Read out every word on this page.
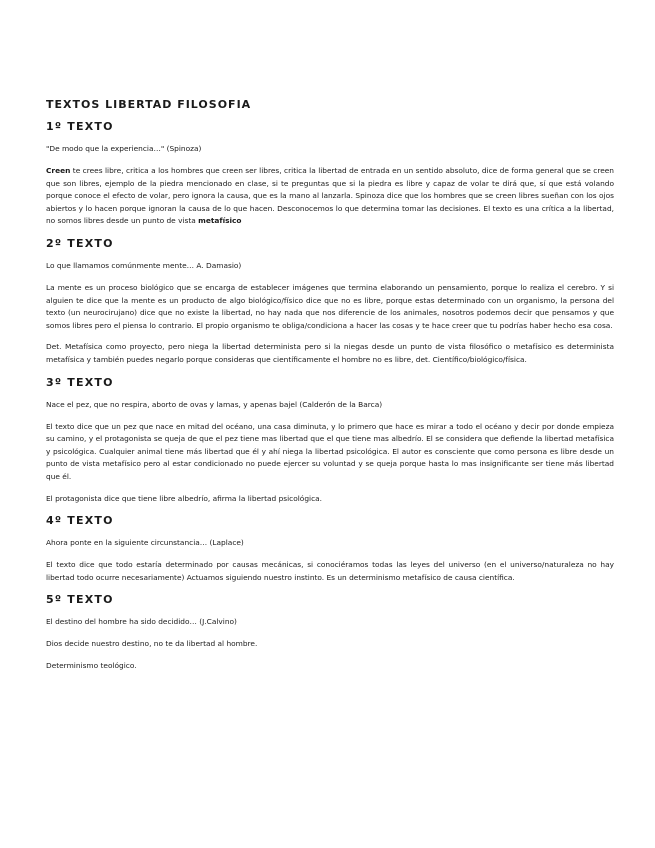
TEXTOS LIBERTAD FILOSOFIA
1º TEXTO
"De modo que la experiencia…" (Spinoza)
Creen te crees libre, critica a los hombres que creen ser libres, critica la libertad de entrada en un sentido absoluto, dice de forma general que se creen que son libres, ejemplo de la piedra mencionado en clase, si te preguntas que si la piedra es libre y capaz de volar te dirá que, sí que está volando porque conoce el efecto de volar, pero ignora la causa, que es la mano al lanzarla. Spinoza dice que los hombres que se creen libres sueñan con los ojos abiertos y lo hacen porque ignoran la causa de lo que hacen. Desconocemos lo que determina tomar las decisiones. El texto es una crítica a la libertad, no somos libres desde un punto de vista metafísico
2º TEXTO
Lo que llamamos comúnmente mente… A. Damasio)
La mente es un proceso biológico que se encarga de establecer imágenes que termina elaborando un pensamiento, porque lo realiza el cerebro. Y si alguien te dice que la mente es un producto de algo biológico/físico dice que no es libre, porque estas determinado con un organismo, la persona del texto (un neurocirujano) dice que no existe la libertad, no hay nada que nos diferencie de los animales, nosotros podemos decir que pensamos y que somos libres pero el piensa lo contrario. El propio organismo te obliga/condiciona a hacer las cosas y te hace creer que tu podrías haber hecho esa cosa.
Det. Metafísica como proyecto, pero niega la libertad determinista pero si la niegas desde un punto de vista filosófico o metafísico es determinista metafísica y también puedes negarlo porque consideras que científicamente el hombre no es libre, det. Científico/biológico/física.
3º TEXTO
Nace el pez, que no respira, aborto de ovas y lamas, y apenas bajel (Calderón de la Barca)
El texto dice que un pez que nace en mitad del océano, una casa diminuta, y lo primero que hace es mirar a todo el océano y decir por donde empieza su camino, y el protagonista se queja de que el pez tiene mas libertad que el que tiene mas albedrío. El se considera que defiende la libertad metafísica y psicológica. Cualquier animal tiene más libertad que él y ahí niega la libertad psicológica. El autor es consciente que como persona es libre desde un punto de vista metafísico pero al estar condicionado no puede ejercer su voluntad y se queja porque hasta lo mas insignificante ser tiene más libertad que él.
El protagonista dice que tiene libre albedrío, afirma la libertad psicológica.
4º TEXTO
Ahora ponte en la siguiente circunstancia… (Laplace)
El texto dice que todo estaría determinado por causas mecánicas, si conociéramos todas las leyes del universo (en el universo/naturaleza no hay libertad todo ocurre necesariamente) Actuamos siguiendo nuestro instinto. Es un determinismo metafísico de causa científica.
5º TEXTO
El destino del hombre ha sido decidido… (J.Calvino)
Dios decide nuestro destino, no te da libertad al hombre.
Determinismo teológico.
